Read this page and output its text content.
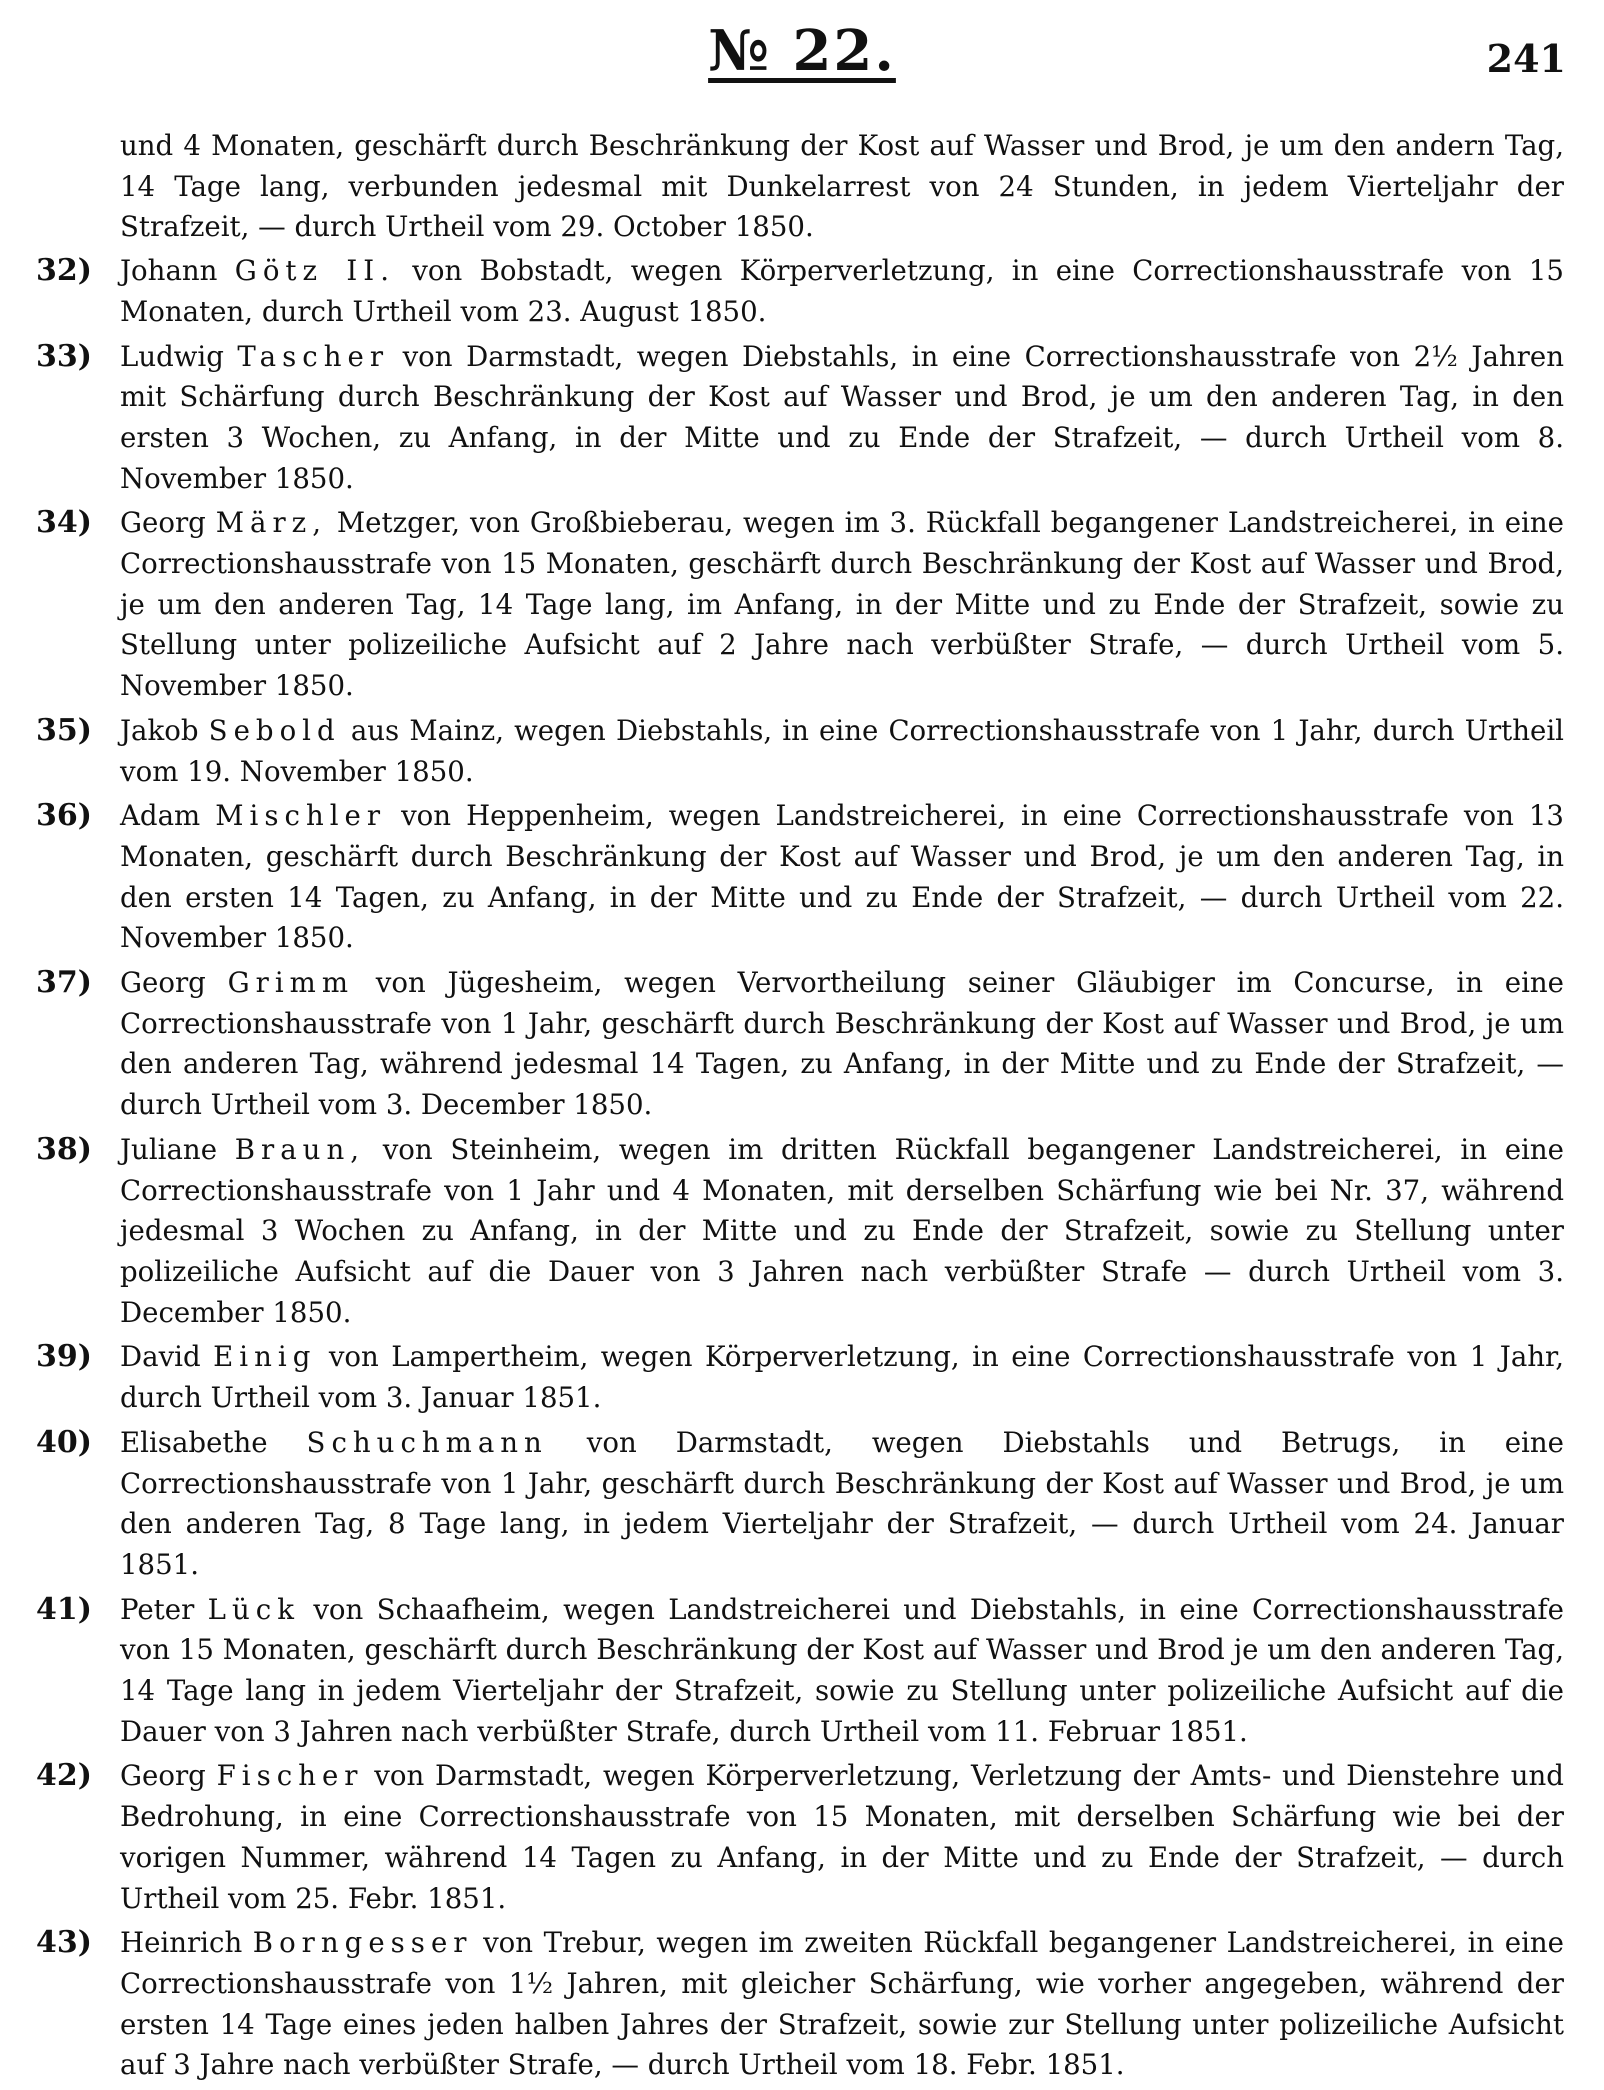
№ 22.	241
und 4 Monaten, geschärft durch Beschränkung der Kost auf Wasser und Brod, je um den andern Tag, 14 Tage lang, verbunden jedesmal mit Dunkelarrest von 24 Stunden, in jedem Vierteljahr der Strafzeit, — durch Urtheil vom 29. October 1850.
32)	Johann Götz II. von Bobstadt, wegen Körperverletzung, in eine Correctionshausstrafe von 15 Monaten, durch Urtheil vom 23. August 1850.
33)	Ludwig Tascher von Darmstadt, wegen Diebstahls, in eine Correctionshausstrafe von 2½ Jahren mit Schärfung durch Beschränkung der Kost auf Wasser und Brod, je um den anderen Tag, in den ersten 3 Wochen, zu Anfang, in der Mitte und zu Ende der Strafzeit, — durch Urtheil vom 8. November 1850.
34)	Georg März, Metzger, von Großbieberau, wegen im 3. Rückfall begangener Landstreicherei, in eine Correctionshausstrafe von 15 Monaten, geschärft durch Beschränkung der Kost auf Wasser und Brod, je um den anderen Tag, 14 Tage lang, im Anfang, in der Mitte und zu Ende der Strafzeit, sowie zu Stellung unter polizeiliche Aufsicht auf 2 Jahre nach verbüßter Strafe, — durch Urtheil vom 5. November 1850.
35)	Jakob Sebold aus Mainz, wegen Diebstahls, in eine Correctionshausstrafe von 1 Jahr, durch Urtheil vom 19. November 1850.
36)	Adam Mischler von Heppenheim, wegen Landstreicherei, in eine Correctionshausstrafe von 13 Monaten, geschärft durch Beschränkung der Kost auf Wasser und Brod, je um den anderen Tag, in den ersten 14 Tagen, zu Anfang, in der Mitte und zu Ende der Strafzeit, — durch Urtheil vom 22. November 1850.
37)	Georg Grimm von Jügesheim, wegen Vervortheilung seiner Gläubiger im Concurse, in eine Correctionshausstrafe von 1 Jahr, geschärft durch Beschränkung der Kost auf Wasser und Brod, je um den anderen Tag, während jedesmal 14 Tagen, zu Anfang, in der Mitte und zu Ende der Strafzeit, — durch Urtheil vom 3. December 1850.
38)	Juliane Braun, von Steinheim, wegen im dritten Rückfall begangener Landstreicherei, in eine Correctionshausstrafe von 1 Jahr und 4 Monaten, mit derselben Schärfung wie bei Nr. 37, während jedesmal 3 Wochen zu Anfang, in der Mitte und zu Ende der Strafzeit, sowie zu Stellung unter polizeiliche Aufsicht auf die Dauer von 3 Jahren nach verbüßter Strafe — durch Urtheil vom 3. December 1850.
39)	David Einig von Lampertheim, wegen Körperverletzung, in eine Correctionshausstrafe von 1 Jahr, durch Urtheil vom 3. Januar 1851.
40)	Elisabethe Schuchmann von Darmstadt, wegen Diebstahls und Betrugs, in eine Correctionshausstrafe von 1 Jahr, geschärft durch Beschränkung der Kost auf Wasser und Brod, je um den anderen Tag, 8 Tage lang, in jedem Vierteljahr der Strafzeit, — durch Urtheil vom 24. Januar 1851.
41)	Peter Lück von Schaafheim, wegen Landstreicherei und Diebstahls, in eine Correctionshausstrafe von 15 Monaten, geschärft durch Beschränkung der Kost auf Wasser und Brod je um den anderen Tag, 14 Tage lang in jedem Vierteljahr der Strafzeit, sowie zu Stellung unter polizeiliche Aufsicht auf die Dauer von 3 Jahren nach verbüßter Strafe, durch Urtheil vom 11. Februar 1851.
42)	Georg Fischer von Darmstadt, wegen Körperverletzung, Verletzung der Amts- und Dienstehre und Bedrohung, in eine Correctionshausstrafe von 15 Monaten, mit derselben Schärfung wie bei der vorigen Nummer, während 14 Tagen zu Anfang, in der Mitte und zu Ende der Strafzeit, — durch Urtheil vom 25. Febr. 1851.
43)	Heinrich Borngesser von Trebur, wegen im zweiten Rückfall begangener Landstreicherei, in eine Correctionshausstrafe von 1½ Jahren, mit gleicher Schärfung, wie vorher angegeben, während der ersten 14 Tage eines jeden halben Jahres der Strafzeit, sowie zur Stellung unter polizeiliche Aufsicht auf 3 Jahre nach verbüßter Strafe, — durch Urtheil vom 18. Febr. 1851.
